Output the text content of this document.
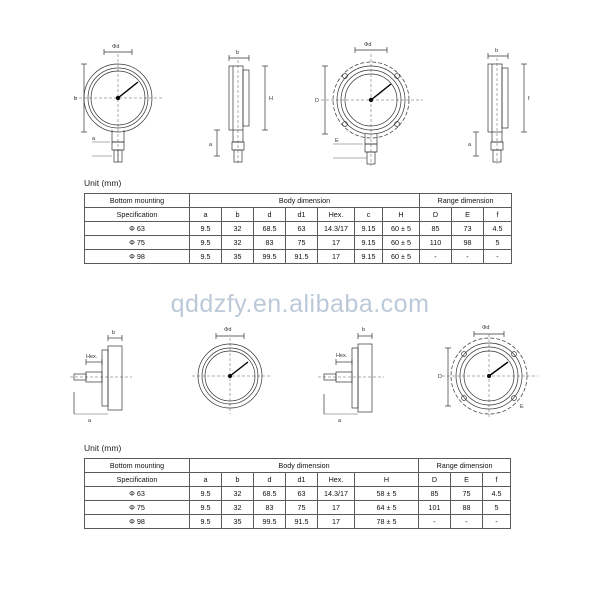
Φd
b
a
b
H
a
Φd
D
E
b
f
a
Unit (mm)
Bottom mounting	Body dimension							Range dimension		
Specification	a	b	d	d1	Hex.	c	H	D	E	f
Φ 63	9.5	32	68.5	63	14.3/17	9.15	60 ± 5	85	73	4.5
Φ 75	9.5	32	83	75	17	9.15	60 ± 5	110	98	5
Φ 98	9.5	35	99.5	91.5	17	9.15	60 ± 5	-	-	-
qddzfy.en.alibaba.com
b
Hex.
a
Φd	b
Hex.
a
Φd
D
E
Unit (mm)
Bottom mounting	Body dimension						Range dimension		
Specification	a	b	d	d1	Hex.	H	D	E	f
Φ 63	9.5	32	68.5	63	14.3/17	58 ± 5	85	75	4.5
Φ 75	9.5	32	83	75	17	64 ± 5	101	88	5
Φ 98	9.5	35	99.5	91.5	17	78 ± 5	-	-	-
